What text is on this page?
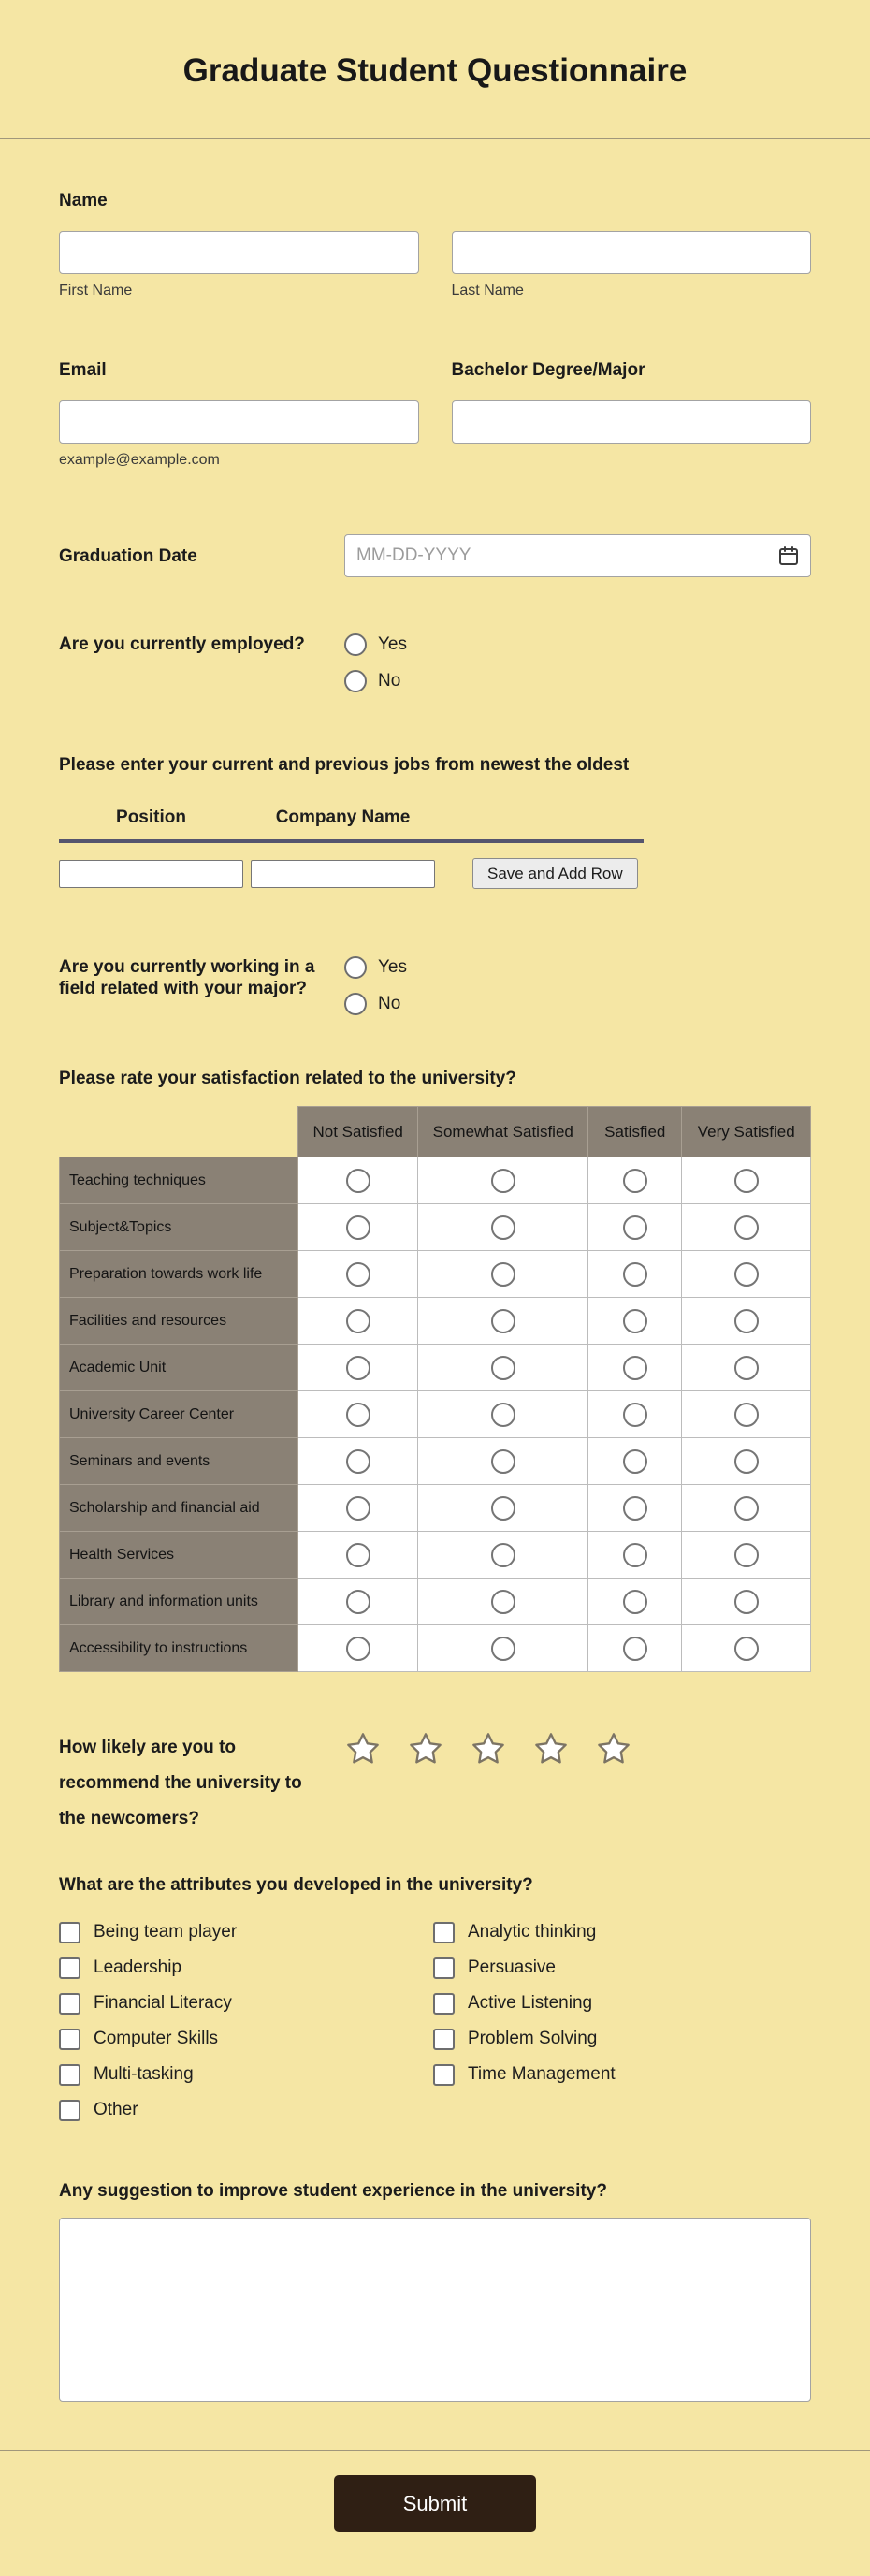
Graduate Student Questionnaire
Name
First Name	Last Name
Email
example@example.com
Bachelor Degree/Major
Graduation Date
MM-DD-YYYY
Are you currently employed?	Yes
No
Please enter your current and previous jobs from newest the oldest
Position	Company Name
Save and Add Row
Are you currently working in a field related with your major?
Yes
No
Please rate your satisfaction related to the university?
	Not Satisfied	Somewhat Satisfied	Satisfied	Very Satisfied
Teaching techniques				
Subject&Topics				
Preparation towards work life				
Facilities and resources				
Academic Unit				
University Career Center				
Seminars and events				
Scholarship and financial aid				
Health Services				
Library and information units				
Accessibility to instructions				
How likely are you to recommend the university to the newcomers?
What are the attributes you developed in the university?
Being team player
Leadership
Financial Literacy
Computer Skills
Multi-tasking
Other
Analytic thinking
Persuasive
Active Listening
Problem Solving
Time Management
Any suggestion to improve student experience in the university?
Submit
